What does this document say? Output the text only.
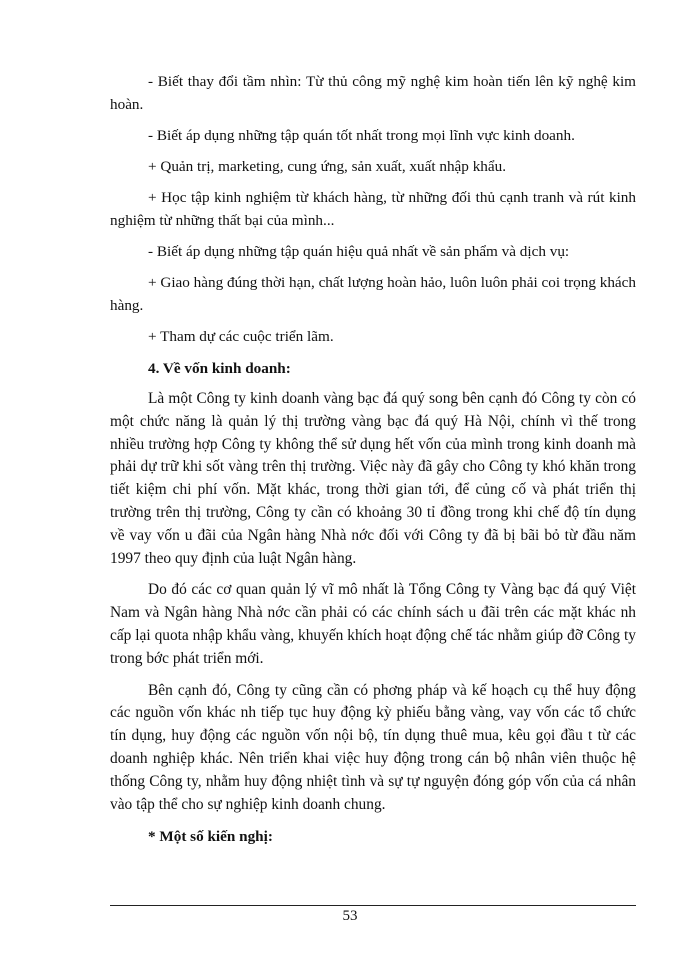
- Biết thay đổi tầm nhìn: Từ thủ công mỹ nghệ kim hoàn tiến lên kỹ nghệ kim hoàn.

- Biết áp dụng những tập quán tốt nhất trong mọi lĩnh vực kinh doanh.

+ Quản trị, marketing, cung ứng, sản xuất, xuất nhập khẩu.

+ Học tập kinh nghiệm từ khách hàng, từ những đối thủ cạnh tranh và rút kinh nghiệm từ những thất bại của mình...

- Biết áp dụng những tập quán hiệu quả nhất về sản phẩm và dịch vụ:

+ Giao hàng đúng thời hạn, chất lượng hoàn hảo, luôn luôn phải coi trọng khách hàng.

+ Tham dự các cuộc triển lãm.

4. Về vốn kinh doanh:

Là một Công ty kinh doanh vàng bạc đá quý song bên cạnh đó Công ty còn có một chức năng là quản lý thị trường vàng bạc đá quý Hà Nội, chính vì thế trong nhiều trường hợp Công ty không thể sử dụng hết vốn của mình trong kinh doanh mà phải dự trữ khi sốt vàng trên thị trường. Việc này đã gây cho Công ty khó khăn trong tiết kiệm chi phí vốn. Mặt khác, trong thời gian tới, để củng cố và phát triển thị trường trên thị trường, Công ty cần có khoảng 30 tỉ đồng trong khi chế độ tín dụng về vay vốn u đãi của Ngân hàng Nhà nớc đối với Công ty đã bị bãi bỏ từ đầu năm 1997 theo quy định của luật Ngân hàng.

Do đó các cơ quan quản lý vĩ mô nhất là Tổng Công ty Vàng bạc đá quý Việt Nam và Ngân hàng Nhà nớc cần phải có các chính sách u đãi trên các mặt khác nh cấp lại quota nhập khẩu vàng, khuyến khích hoạt động chế tác nhằm giúp đỡ Công ty trong bớc phát triển mới.

Bên cạnh đó, Công ty cũng cần có phơng pháp và kế hoạch cụ thể huy động các nguồn vốn khác nh tiếp tục huy động kỳ phiếu bằng vàng, vay vốn các tổ chức tín dụng, huy động các nguồn vốn nội bộ, tín dụng thuê mua, kêu gọi đầu t từ các doanh nghiệp khác. Nên triển khai việc huy động trong cán bộ nhân viên thuộc hệ thống Công ty, nhằm huy động nhiệt tình và sự tự nguyện đóng góp vốn của cá nhân vào tập thể cho sự nghiệp kinh doanh chung.

* Một số kiến nghị:

53
